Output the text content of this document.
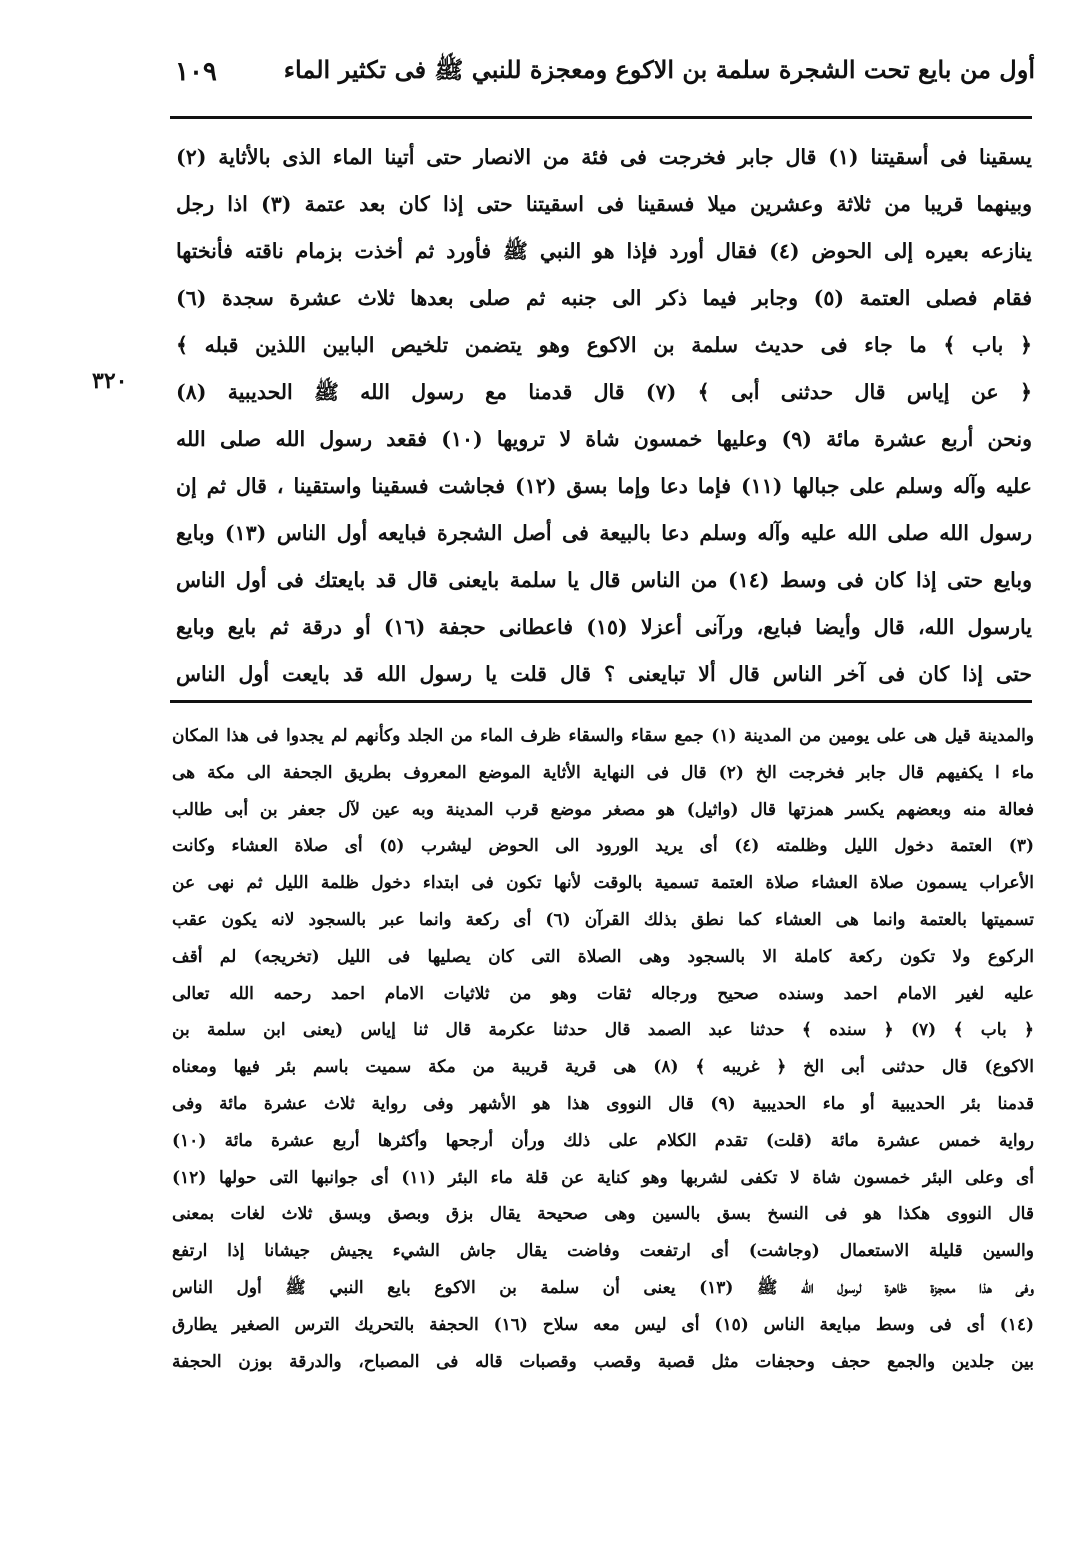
أول من بايع تحت الشجرة سلمة بن الاكوع ومعجزة للنبي ﷺ فى تكثير الماء
١٠٩
٣٢٠
يسقينا فى أسقيتنا (١) قال جابر فخرجت فى فئة من الانصار حتى أتينا الماء الذى بالأثاية (٢)
وبينهما قريبا من ثلاثة وعشرين ميلا فسقينا فى اسقيتنا حتى إذا كان بعد عتمة (٣) اذا رجل
ينازعه بعيره إلى الحوض (٤) فقال أورد فإذا هو النبي ﷺ فأورد ثم أخذت بزمام ناقته فأنختها
فقام فصلى العتمة (٥) وجابر فيما ذكر الى جنبه ثم صلى بعدها ثلاث عشرة سجدة (٦)
﴿ باب ﴾ ما جاء فى حديث سلمة بن الاكوع وهو يتضمن تلخيص البابين اللذين قبله ﴾
﴿ عن إياس قال حدثنى أبى ﴾ (٧) قال قدمنا مع رسول الله ﷺ الحديبية (٨)
ونحن أربع عشرة مائة (٩) وعليها خمسون شاة لا ترويها (١٠) فقعد رسول الله صلى الله
عليه وآله وسلم على جبالها (١١) فإما دعا وإما بسق (١٢) فجاشت فسقينا واستقينا ، قال ثم إن
رسول الله صلى الله عليه وآله وسلم دعا بالبيعة فى أصل الشجرة فبايعه أول الناس (١٣) وبايع
وبايع حتى إذا كان فى وسط (١٤) من الناس قال يا سلمة بايعنى قال قد بايعتك فى أول الناس
يارسول الله، قال وأيضا فبايع، ورآنى أعزلا (١٥) فاعطانى حجفة (١٦) أو درقة ثم بايع وبايع
حتى إذا كان فى آخر الناس قال ألا تبايعنى ؟ قال قلت يا رسول الله قد بايعت أول الناس
والمدينة قيل هى على يومين من المدينة (١) جمع سقاء والسقاء ظرف الماء من الجلد وكأنهم لم يجدوا فى هذا المكان
ماء ا يكفيهم قال جابر فخرجت الخ (٢) قال فى النهاية الأثاية الموضع المعروف بطريق الجحفة الى مكة هى
فعالة منه وبعضهم يكسر همزتها قال (واثيل) هو مصغر موضع قرب المدينة وبه عين لآل جعفر بن أبى طالب
(٣) العتمة دخول الليل وظلمته (٤) أى يريد الورود الى الحوض ليشرب (٥) أى صلاة العشاء وكانت
الأعراب يسمون صلاة العشاء صلاة العتمة تسمية بالوقت لأنها تكون فى ابتداء دخول ظلمة الليل ثم نهى عن
تسميتها بالعتمة وانما هى العشاء كما نطق بذلك القرآن (٦) أى ركعة وانما عبر بالسجود لانه يكون عقب
الركوع ولا تكون ركعة كاملة الا بالسجود وهى الصلاة التى كان يصليها فى الليل (تخريجه) لم أقف
عليه لغير الامام احمد وسنده صحيح ورجاله ثقات وهو من ثلاثيات الامام احمد رحمه الله تعالى
﴿ باب ﴾ (٧) ﴿ سنده ﴾ حدثنا عبد الصمد قال حدثنا عكرمة قال ثنا إياس (يعنى ابن سلمة بن
الاكوع) قال حدثنى أبى الخ ﴿ غريبه ﴾ (٨) هى قرية قريبة من مكة سميت باسم بئر فيها ومعناه
قدمنا بئر الحديبية أو ماء الحديبية (٩) قال النووى هذا هو الأشهر وفى رواية ثلاث عشرة مائة وفى
رواية خمس عشرة مائة (قلت) تقدم الكلام على ذلك ورأن أرجحها وأكثرها أربع عشرة مائة (١٠)
أى وعلى البئر خمسون شاة لا تكفى لشربها وهو كناية عن قلة ماء البئر (١١) أى جوانبها التى حولها (١٢)
قال النووى هكذا هو فى النسخ بسق بالسين وهى صحيحة يقال بزق وبصق وبسق ثلاث لغات بمعنى
والسين قليلة الاستعمال (وجاشت) أى ارتفعت وفاضت يقال جاش الشيء يجيش جيشانا إذا ارتفع
وفى هذا معجزة ظاهرة لرسول الله ﷺ (١٣) يعنى أن سلمة بن الاكوع بايع النبي ﷺ أول الناس
(١٤) أى فى وسط مبايعة الناس (١٥) أى ليس معه سلاح (١٦) الحجفة بالتحريك الترس الصغير يطارق
بين جلدين والجمع حجف وحجفات مثل قصبة وقصب وقصبات قاله فى المصباح، والدرقة بوزن الحجفة
